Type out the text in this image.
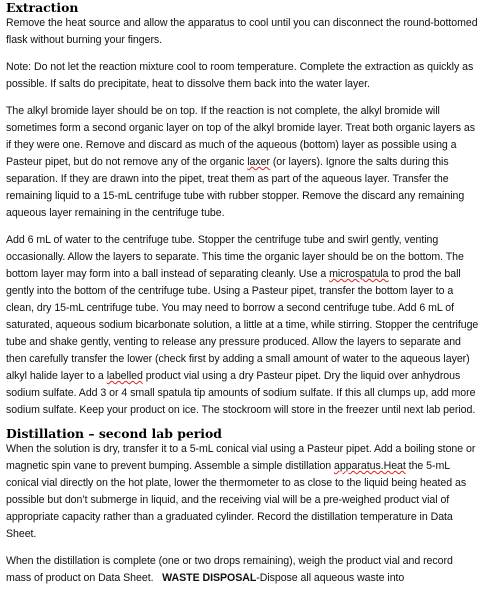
Extraction

Remove the heat source and allow the apparatus to cool until you can disconnect the round-bottomed flask without burning your fingers.

Note: Do not let the reaction mixture cool to room temperature. Complete the extraction as quickly as possible. If salts do precipitate, heat to dissolve them back into the water layer.

The alkyl bromide layer should be on top. If the reaction is not complete, the alkyl bromide will sometimes form a second organic layer on top of the alkyl bromide layer. Treat both organic layers as if they were one. Remove and discard as much of the aqueous (bottom) layer as possible using a Pasteur pipet, but do not remove any of the organic laxer (or layers). Ignore the salts during this separation. If they are drawn into the pipet, treat them as part of the aqueous layer. Transfer the remaining liquid to a 15-mL centrifuge tube with rubber stopper. Remove the discard any remaining aqueous layer remaining in the centrifuge tube.

Add 6 mL of water to the centrifuge tube. Stopper the centrifuge tube and swirl gently, venting occasionally. Allow the layers to separate. This time the organic layer should be on the bottom. The bottom layer may form into a ball instead of separating cleanly. Use a microspatula to prod the ball gently into the bottom of the centrifuge tube. Using a Pasteur pipet, transfer the bottom layer to a clean, dry 15-mL centrifuge tube. You may need to borrow a second centrifuge tube. Add 6 mL of saturated, aqueous sodium bicarbonate solution, a little at a time, while stirring. Stopper the centrifuge tube and shake gently, venting to release any pressure produced. Allow the layers to separate and then carefully transfer the lower (check first by adding a small amount of water to the aqueous layer) alkyl halide layer to a labelled product vial using a dry Pasteur pipet. Dry the liquid over anhydrous sodium sulfate. Add 3 or 4 small spatula tip amounts of sodium sulfate. If this all clumps up, add more sodium sulfate. Keep your product on ice. The stockroom will store in the freezer until next lab period.

Distillation – second lab period

When the solution is dry, transfer it to a 5-mL conical vial using a Pasteur pipet. Add a boiling stone or magnetic spin vane to prevent bumping. Assemble a simple distillation apparatus.Heat the 5-mL conical vial directly on the hot plate, lower the thermometer to as close to the liquid being heated as possible but don’t submerge in liquid, and the receiving vial will be a pre-weighed product vial of appropriate capacity rather than a graduated cylinder. Record the distillation temperature in Data Sheet.

When the distillation is complete (one or two drops remaining), weigh the product vial and record mass of product on Data Sheet.   WASTE DISPOSAL-Dispose all aqueous waste into
